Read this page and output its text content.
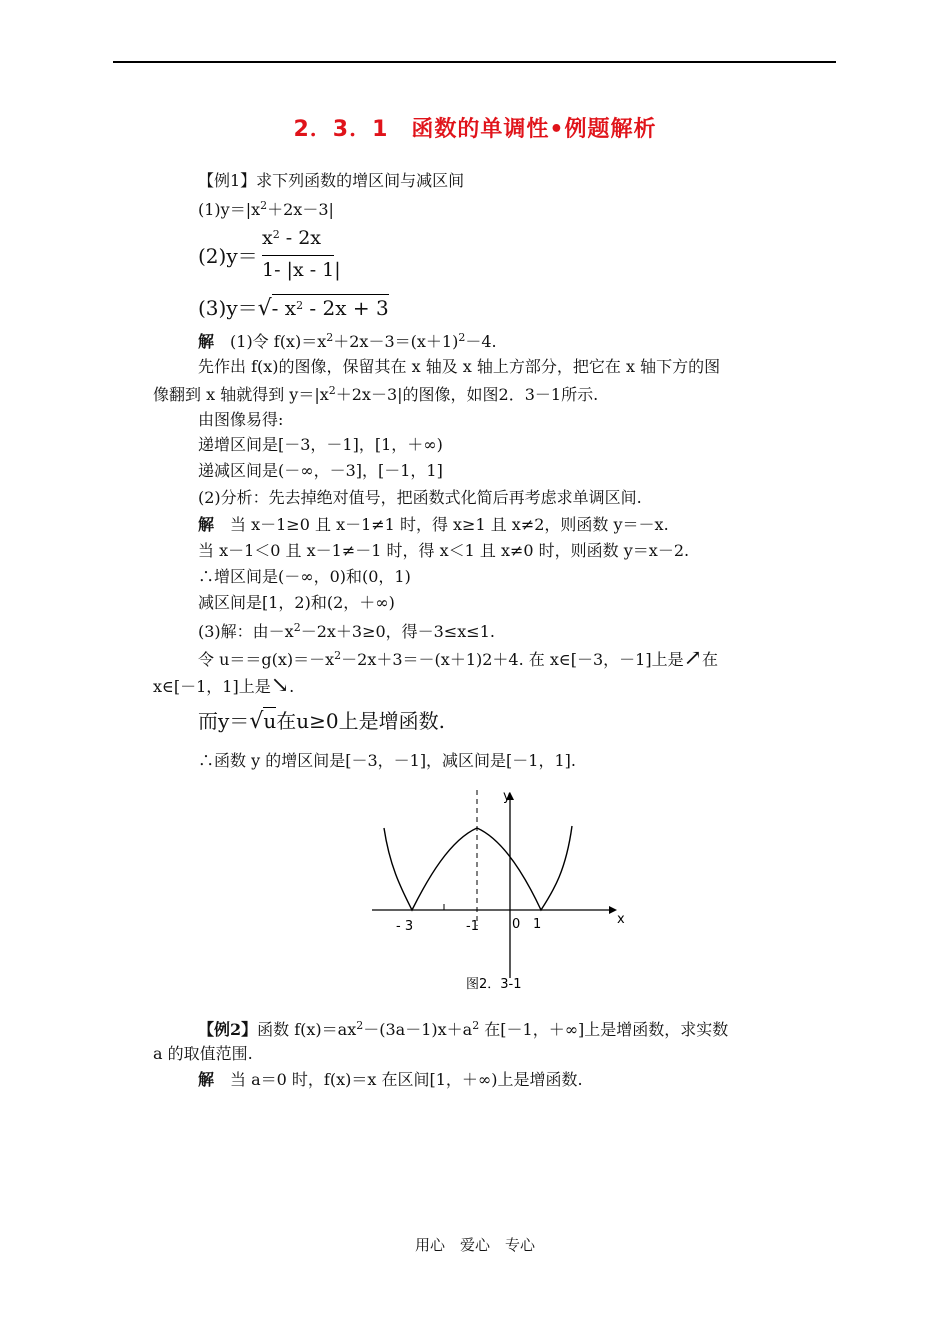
2．3．1　函数的单调性•例题解析
【例1】求下列函数的增区间与减区间
$(1)y=|x^2+2x-3|$
(2)y＝
$x^2 - 2x$
1- |x - 1|
(3)y＝√- $x^2 - 2x + 3$
解　(1)令 $f(x)=x^2+2x-3=(x+1)^2-4$.
先作出 f(x)的图像，保留其在 x 轴及 x 轴上方部分，把它在 x 轴下方的图
像翻到 x 轴就得到 $y=|x^2+2x-3|$的图像，如图2．3－1所示.
由图像易得:
递增区间是[－3，－1]，[1，＋∞)
递减区间是(－∞，－3]，[－1，1]
(2)分析：先去掉绝对值号，把函数式化简后再考虑求单调区间.
解　当 x－1≥0 且 x－1≠1 时，得 x≥1 且 x≠2，则函数 y＝－x.
当 x－1＜0 且 x－1≠－1 时，得 x＜1 且 x≠0 时，则函数 y＝x－2.
∴增区间是(－∞，0)和(0，1)
减区间是[1，2)和(2，＋∞)
(3)解：由$-x^2-2x+3\ge 0$，得－3≤x≤1.
令 $u==g(x)=-x^2-2x+3=-(x+1)2+4$. 在 x∈[－3，－1]上是↗在
x∈[－1，1]上是↘.
而y＝√u在u≥0上是增函数.
∴函数 y 的增区间是[－3，－1]，减区间是[－1，1].
y
x
- 3	-1	0 1
图2．3-1
【例2】函数 $f(x)=ax^2-(3a-1)x+a^2$ 在[－1，＋∞]上是增函数，求实数
a 的取值范围.
解　当 a＝0 时，f(x)＝x 在区间[1，＋∞)上是增函数.
用心　爱心　专心
